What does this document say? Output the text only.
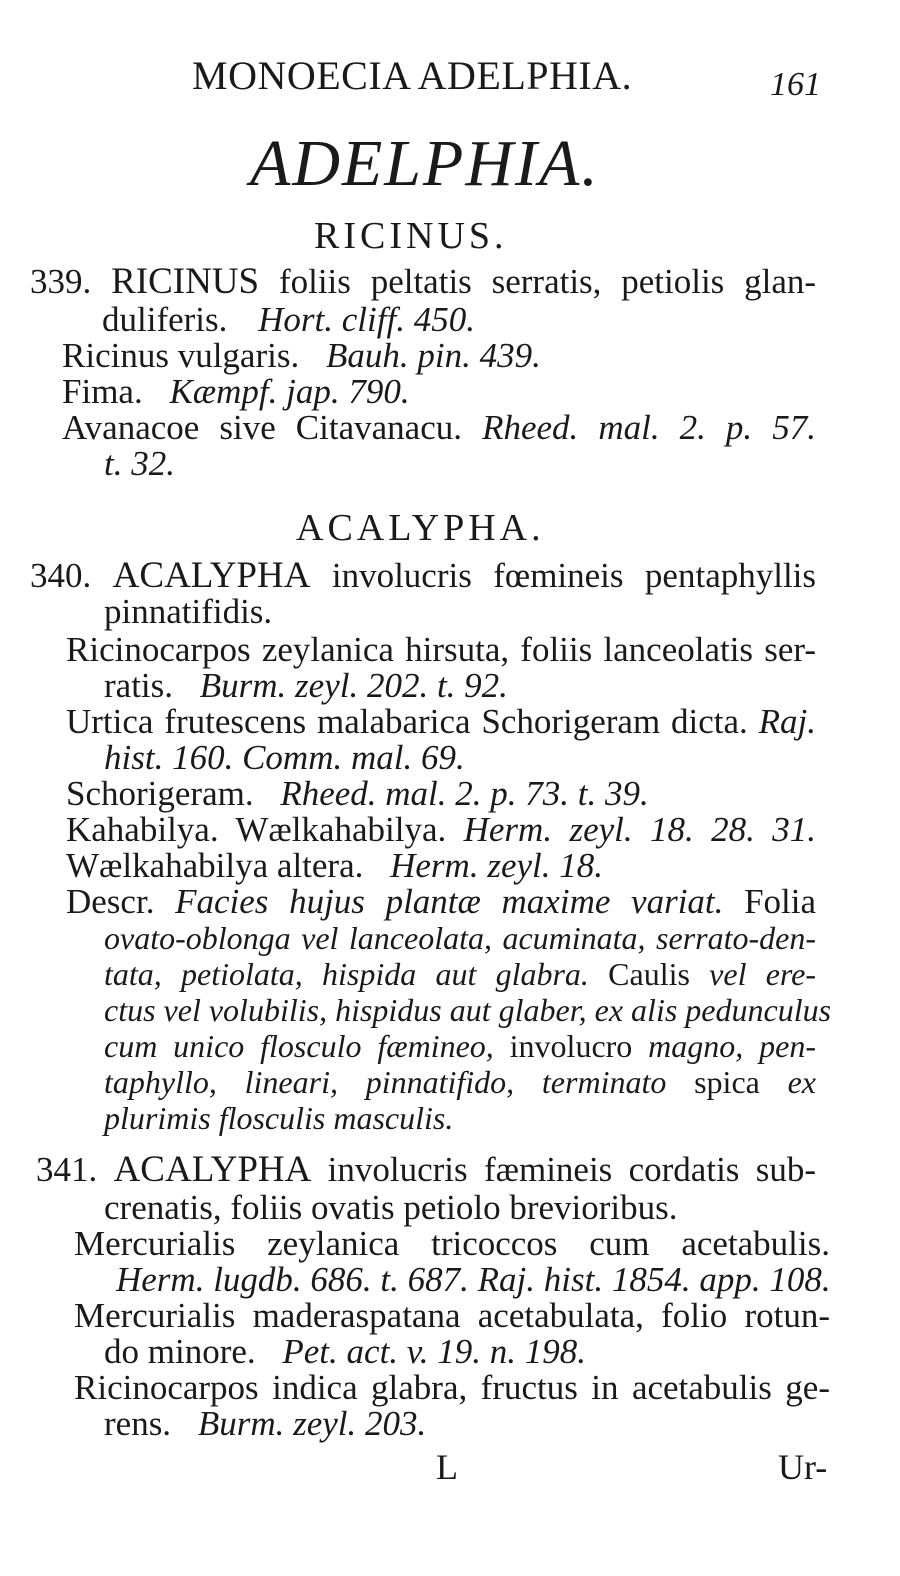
MONOECIA ADELPHIA.	161
ADELPHIA.
RICINUS.
339. RICINUS foliis peltatis serratis, petiolis glan-
duliferis. Hort. cliff. 450.
Ricinus vulgaris. Bauh. pin. 439.
Fima. Kæmpf. jap. 790.
Avanacoe sive Citavanacu. Rheed. mal. 2. p. 57.
t. 32.
ACALYPHA.
340. ACALYPHA involucris fœmineis pentaphyllis
pinnatifidis.
Ricinocarpos zeylanica hirsuta, foliis lanceolatis ser-
ratis. Burm. zeyl. 202. t. 92.
Urtica frutescens malabarica Schorigeram dicta. Raj.
hist. 160. Comm. mal. 69.
Schorigeram. Rheed. mal. 2. p. 73. t. 39.
Kahabilya. Wælkahabilya. Herm. zeyl. 18. 28. 31.
Wælkahabilya altera. Herm. zeyl. 18.
Descr. Facies hujus plantæ maxime variat. Folia
ovato-oblonga vel lanceolata, acuminata, serrato-den-
tata, petiolata, hispida aut glabra. Caulis vel ere-
ctus vel volubilis, hispidus aut glaber, ex alis pedunculus
cum unico flosculo fæmineo, involucro magno, pen-
taphyllo, lineari, pinnatifido, terminato spica ex
plurimis flosculis masculis.
341. ACALYPHA involucris fæmineis cordatis sub-
crenatis, foliis ovatis petiolo brevioribus.
Mercurialis zeylanica tricoccos cum acetabulis.
Herm. lugdb. 686. t. 687. Raj. hist. 1854. app. 108.
Mercurialis maderaspatana acetabulata, folio rotun-
do minore. Pet. act. v. 19. n. 198.
Ricinocarpos indica glabra, fructus in acetabulis ge-
rens. Burm. zeyl. 203.
L	Ur-
